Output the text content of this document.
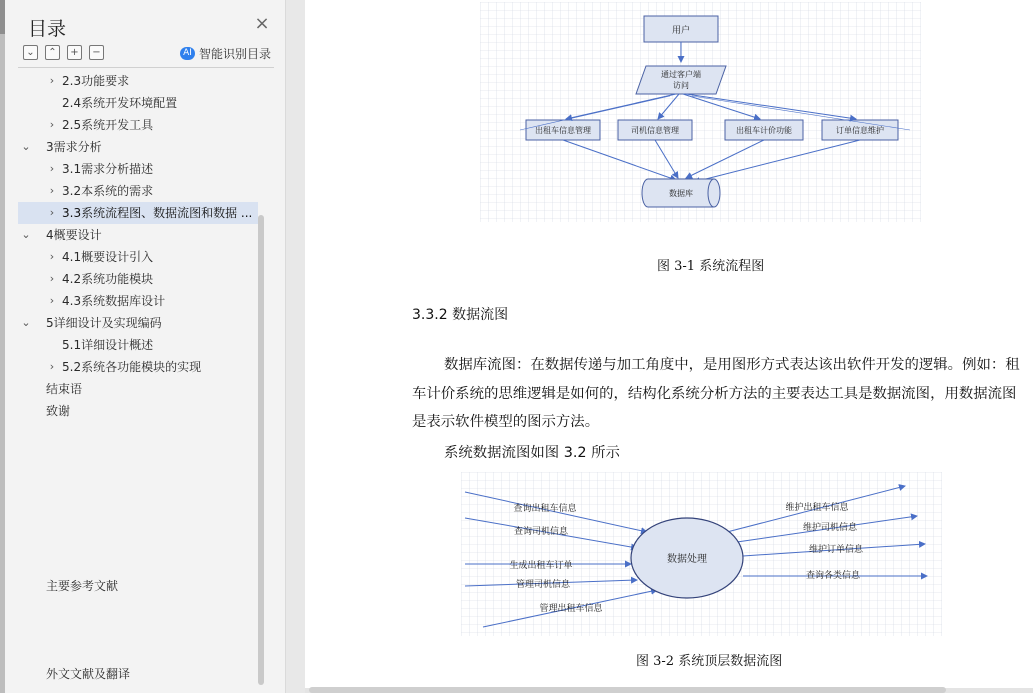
目录	×
⌄	⌃	+	−	AI 智能识别目录
› 2.3功能要求
2.4系统开发环境配置
› 2.5系统开发工具
⌄ 3需求分析
› 3.1需求分析描述
› 3.2本系统的需求
› 3.3系统流程图、数据流图和数据 ...
⌄ 4概要设计
› 4.1概要设计引入
› 4.2系统功能模块
› 4.3系统数据库设计
⌄ 5详细设计及实现编码
5.1详细设计概述
› 5.2系统各功能模块的实现
结束语
致谢
主要参考文献
外文文献及翻译
用户
通过客户端
访问
出租车信息管理	司机信息管理	出租车计价功能	订单信息维护
数据库
图 3-1 系统流程图
3.3.2 数据流图
数据库流图：在数据传递与加工角度中，是用图形方式表达该出软件开发的逻辑。例如：租车计价系统的思维逻辑是如何的，结构化系统分析方法的主要表达工具是数据流图，用数据流图是表示软件模型的图示方法。
系统数据流图如图 3.2 所示
数据处理
查询出租车信息
查询司机信息
生成出租车订单
管理司机信息
管理出租车信息
维护出租车信息
维护司机信息
维护订单信息
查询各类信息
图 3-2 系统顶层数据流图
